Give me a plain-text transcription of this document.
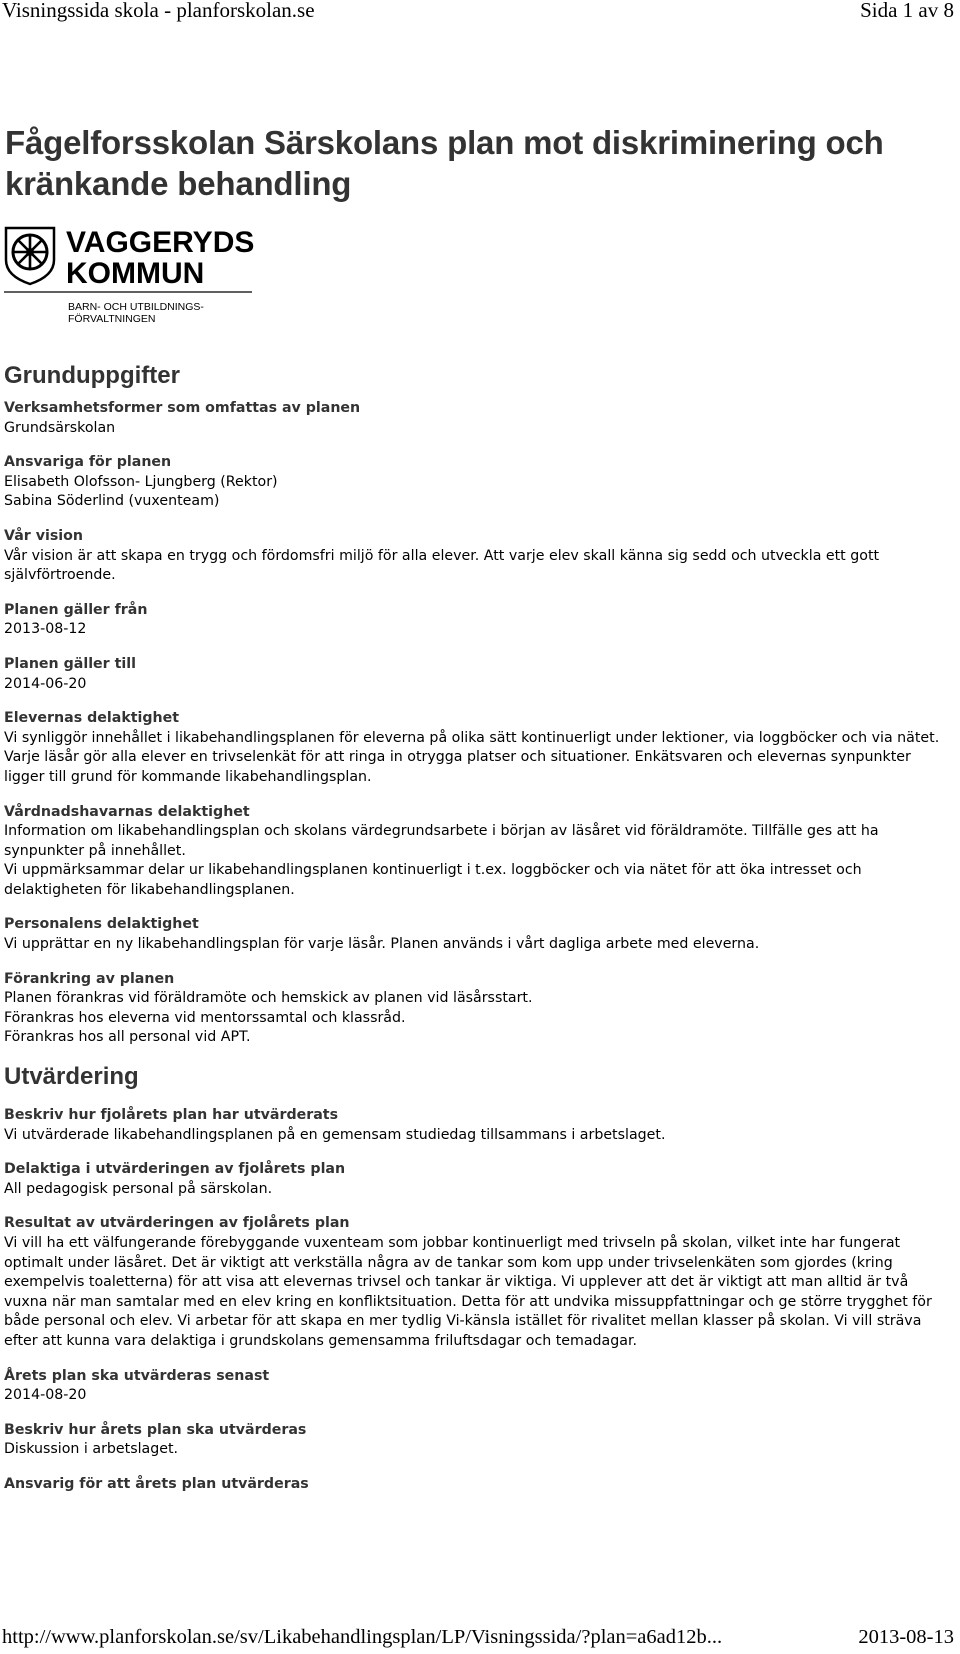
Visningssida skola - planforskolan.se	Sida 1 av 8
Fågelforsskolan Särskolans plan mot diskriminering och kränkande behandling
VAGGERYDS
KOMMUN
BARN- OCH UTBILDNINGS-
FÖRVALTNINGEN
Grunduppgifter
Verksamhetsformer som omfattas av planen

Grundsärskolan

Ansvariga för planen

Elisabeth Olofsson- Ljungberg (Rektor)

Sabina Söderlind (vuxenteam)

Vår vision

Vår vision är att skapa en trygg och fördomsfri miljö för alla elever. Att varje elev skall känna sig sedd och utveckla ett gott självförtroende.

Planen gäller från

2013-08-12

Planen gäller till

2014-06-20

Elevernas delaktighet

Vi synliggör innehållet i likabehandlingsplanen för eleverna på olika sätt kontinuerligt under lektioner, via loggböcker och via nätet.

Varje läsår gör alla elever en trivselenkät för att ringa in otrygga platser och situationer. Enkätsvaren och elevernas synpunkter ligger till grund för kommande likabehandlingsplan.

Vårdnadshavarnas delaktighet

Information om likabehandlingsplan och skolans värdegrundsarbete i början av läsåret vid föräldramöte. Tillfälle ges att ha synpunkter på innehållet.

Vi uppmärksammar delar ur likabehandlingsplanen kontinuerligt i t.ex. loggböcker och via nätet för att öka intresset och delaktigheten för likabehandlingsplanen.

Personalens delaktighet

Vi upprättar en ny likabehandlingsplan för varje läsår. Planen används i vårt dagliga arbete med eleverna.

Förankring av planen

Planen förankras vid föräldramöte och hemskick av planen vid läsårsstart.

Förankras hos eleverna vid mentorssamtal och klassråd.

Förankras hos all personal vid APT.

Utvärdering
Beskriv hur fjolårets plan har utvärderats

Vi utvärderade likabehandlingsplanen på en gemensam studiedag tillsammans i arbetslaget.

Delaktiga i utvärderingen av fjolårets plan

All pedagogisk personal på särskolan.

Resultat av utvärderingen av fjolårets plan

Vi vill ha ett välfungerande förebyggande vuxenteam som jobbar kontinuerligt med trivseln på skolan, vilket inte har fungerat optimalt under läsåret. Det är viktigt att verkställa några av de tankar som kom upp under trivselenkäten som gjordes (kring exempelvis toaletterna) för att visa att elevernas trivsel och tankar är viktiga. Vi upplever att det är viktigt att man alltid är två vuxna när man samtalar med en elev kring en konfliktsituation. Detta för att undvika missuppfattningar och ge större trygghet för både personal och elev. Vi arbetar för att skapa en mer tydlig Vi-känsla istället för rivalitet mellan klasser på skolan. Vi vill sträva efter att kunna vara delaktiga i grundskolans gemensamma friluftsdagar och temadagar.

Årets plan ska utvärderas senast

2014-08-20

Beskriv hur årets plan ska utvärderas

Diskussion i arbetslaget.

Ansvarig för att årets plan utvärderas
http://www.planforskolan.se/sv/Likabehandlingsplan/LP/Visningssida/?plan=a6ad12b...	2013-08-13
